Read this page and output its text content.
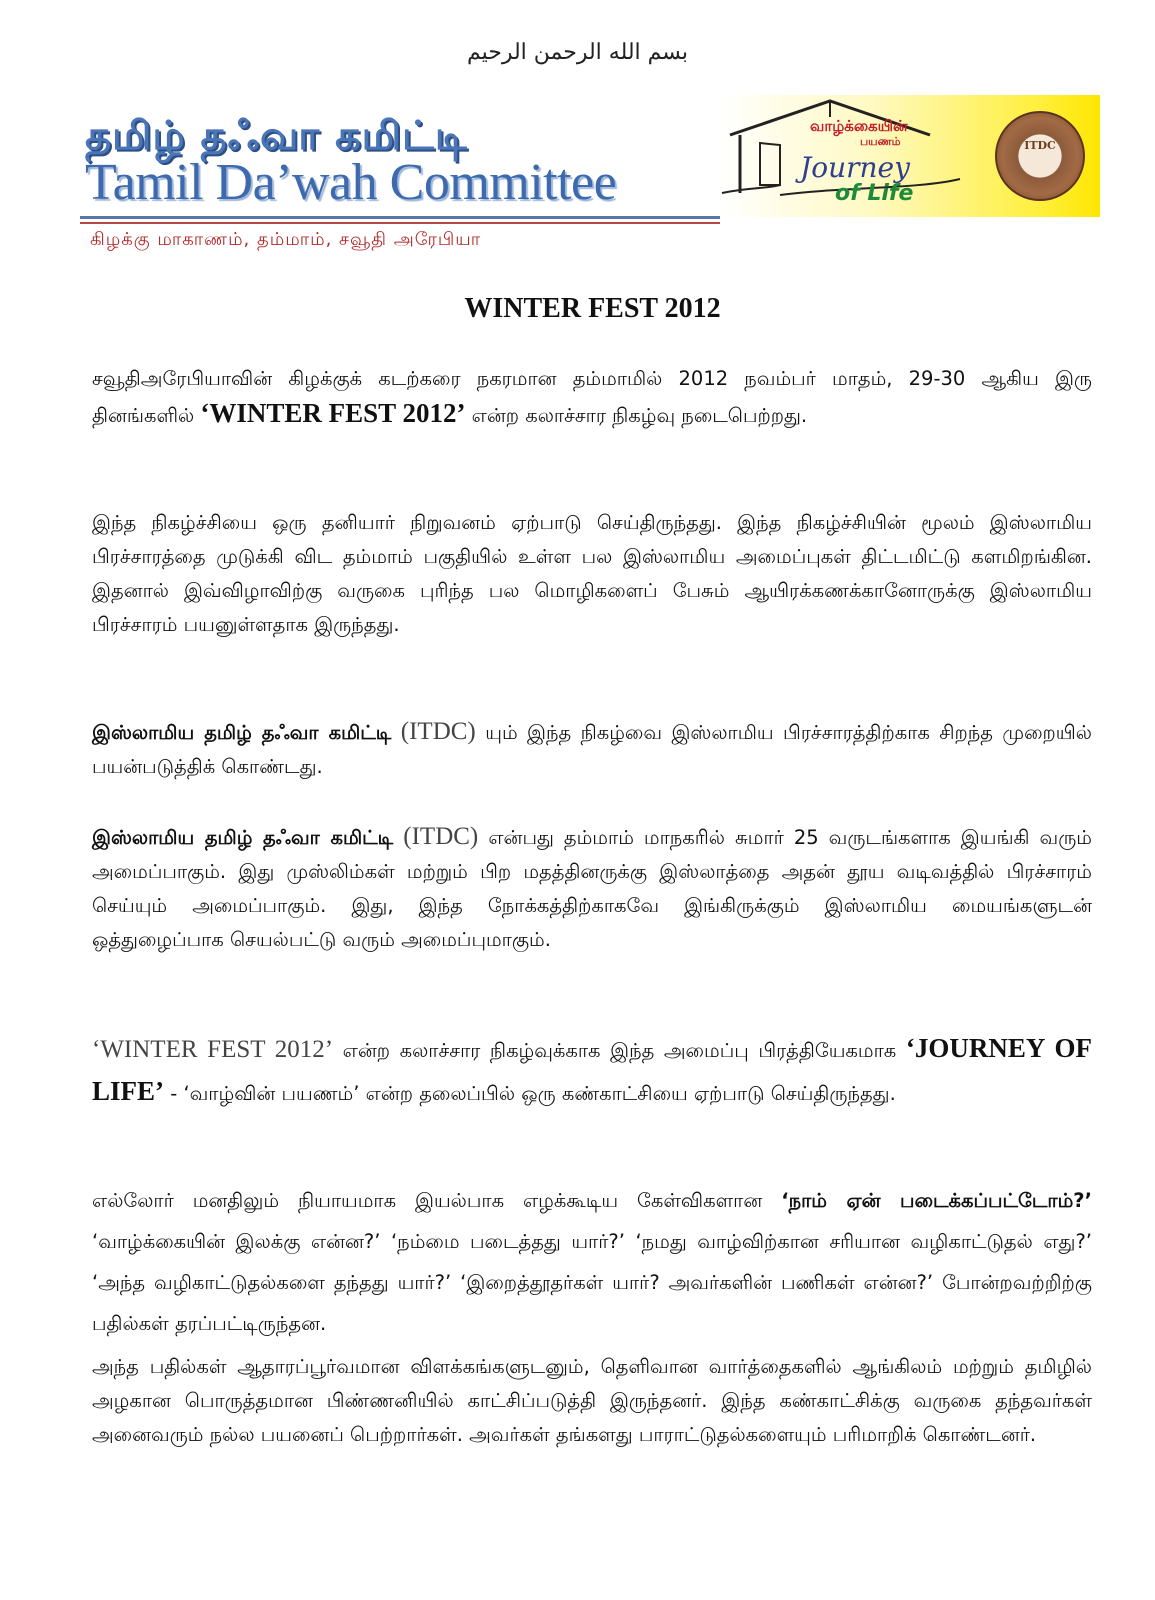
بسم الله الرحمن الرحيم
தமிழ் தஃவா கமிட்டி
Tamil Da’wah Committee
கிழக்கு மாகாணம், தம்மாம், சவூதி அரேபியா
வாழ்க்கையின்
பயணம்
Journey
of Life
ITDC
WINTER FEST 2012

சவூதிஅரேபியாவின் கிழக்குக் கடற்கரை நகரமான தம்மாமில் 2012 நவம்பர் மாதம், 29-30 ஆகிய இரு தினங்களில் ‘WINTER FEST 2012’ என்ற கலாச்சார நிகழ்வு நடைபெற்றது.

இந்த நிகழ்ச்சியை ஒரு தனியார் நிறுவனம் ஏற்பாடு செய்திருந்தது. இந்த நிகழ்ச்சியின் மூலம் இஸ்லாமிய பிரச்சாரத்தை முடுக்கி விட தம்மாம் பகுதியில் உள்ள பல இஸ்லாமிய அமைப்புகள் திட்டமிட்டு களமிறங்கின. இதனால் இவ்விழாவிற்கு வருகை புரிந்த பல மொழிகளைப் பேசும் ஆயிரக்கணக்கானோருக்கு இஸ்லாமிய பிரச்சாரம் பயனுள்ளதாக இருந்தது.

இஸ்லாமிய தமிழ் தஃவா கமிட்டி (ITDC) யும் இந்த நிகழ்வை இஸ்லாமிய பிரச்சாரத்திற்காக சிறந்த முறையில் பயன்படுத்திக் கொண்டது.

இஸ்லாமிய தமிழ் தஃவா கமிட்டி (ITDC) என்பது தம்மாம் மாநகரில் சுமார் 25 வருடங்களாக இயங்கி வரும் அமைப்பாகும். இது முஸ்லிம்கள் மற்றும் பிற மதத்தினருக்கு இஸ்லாத்தை அதன் தூய வடிவத்தில் பிரச்சாரம் செய்யும் அமைப்பாகும். இது, இந்த நோக்கத்திற்காகவே இங்கிருக்கும் இஸ்லாமிய மையங்களுடன் ஒத்துழைப்பாக செயல்பட்டு வரும் அமைப்புமாகும்.

‘WINTER FEST 2012’ என்ற கலாச்சார நிகழ்வுக்காக இந்த அமைப்பு பிரத்தியேகமாக ‘JOURNEY OF LIFE’ - ‘வாழ்வின் பயணம்’ என்ற தலைப்பில் ஒரு கண்காட்சியை ஏற்பாடு செய்திருந்தது.

எல்லோர் மனதிலும் நியாயமாக இயல்பாக எழக்கூடிய கேள்விகளான ‘நாம் ஏன் படைக்கப்பட்டோம்?’ ‘வாழ்க்கையின் இலக்கு என்ன?’ ‘நம்மை படைத்தது யார்?’ ‘நமது வாழ்விற்கான சரியான வழிகாட்டுதல் எது?’ ‘அந்த வழிகாட்டுதல்களை தந்தது யார்?’ ‘இறைத்தூதர்கள் யார்? அவர்களின் பணிகள் என்ன?’ போன்றவற்றிற்கு பதில்கள் தரப்பட்டிருந்தன.

அந்த பதில்கள் ஆதாரப்பூர்வமான விளக்கங்களுடனும், தெளிவான வார்த்தைகளில் ஆங்கிலம் மற்றும் தமிழில் அழகான பொருத்தமான பிண்ணனியில் காட்சிப்படுத்தி இருந்தனர். இந்த கண்காட்சிக்கு வருகை தந்தவர்கள் அனைவரும் நல்ல பயனைப் பெற்றார்கள். அவர்கள் தங்களது பாராட்டுதல்களையும் பரிமாறிக் கொண்டனர்.
